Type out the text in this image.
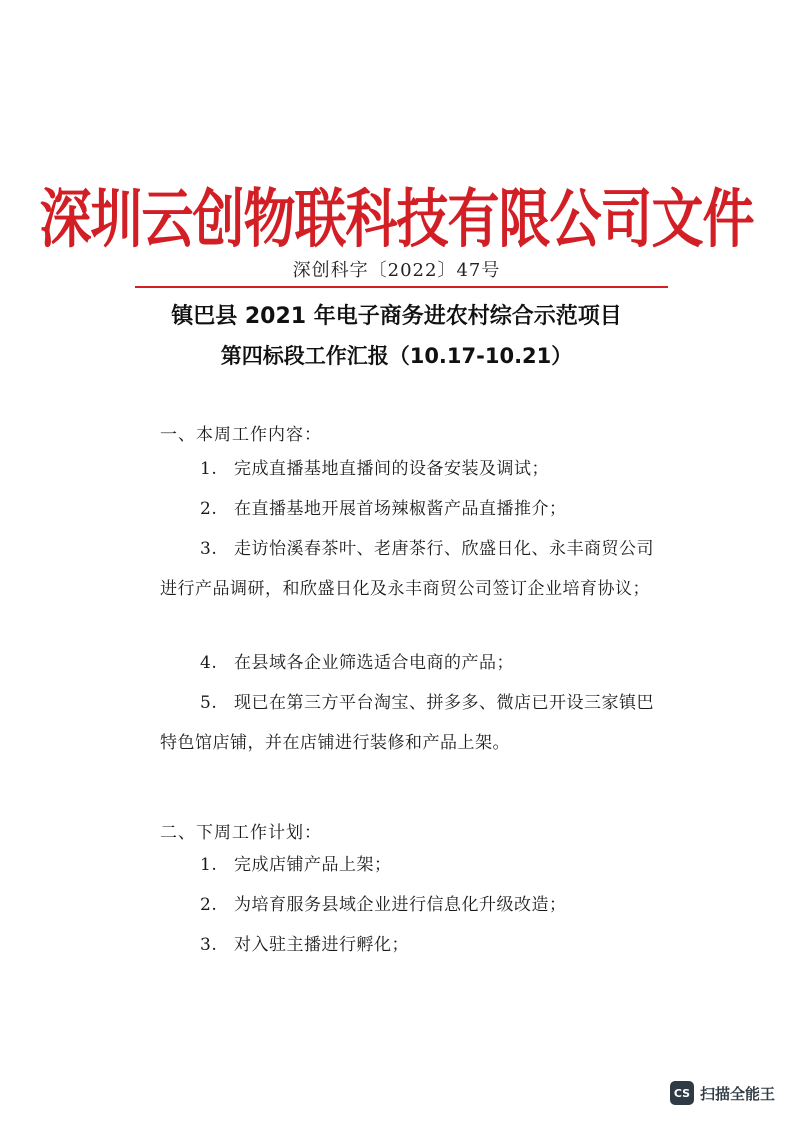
深圳云创物联科技有限公司文件
深创科字〔2022〕47号
镇巴县 2021 年电子商务进农村综合示范项目
第四标段工作汇报（10.17-10.21）
一、本周工作内容：
1. 完成直播基地直播间的设备安装及调试；
2. 在直播基地开展首场辣椒酱产品直播推介；
3. 走访怡溪春茶叶、老唐茶行、欣盛日化、永丰商贸公司进行产品调研，和欣盛日化及永丰商贸公司签订企业培育协议；
4. 在县域各企业筛选适合电商的产品；
5. 现已在第三方平台淘宝、拼多多、微店已开设三家镇巴特色馆店铺，并在店铺进行装修和产品上架。
二、下周工作计划：
1. 完成店铺产品上架；
2. 为培育服务县域企业进行信息化升级改造；
3. 对入驻主播进行孵化；
CS 扫描全能王
